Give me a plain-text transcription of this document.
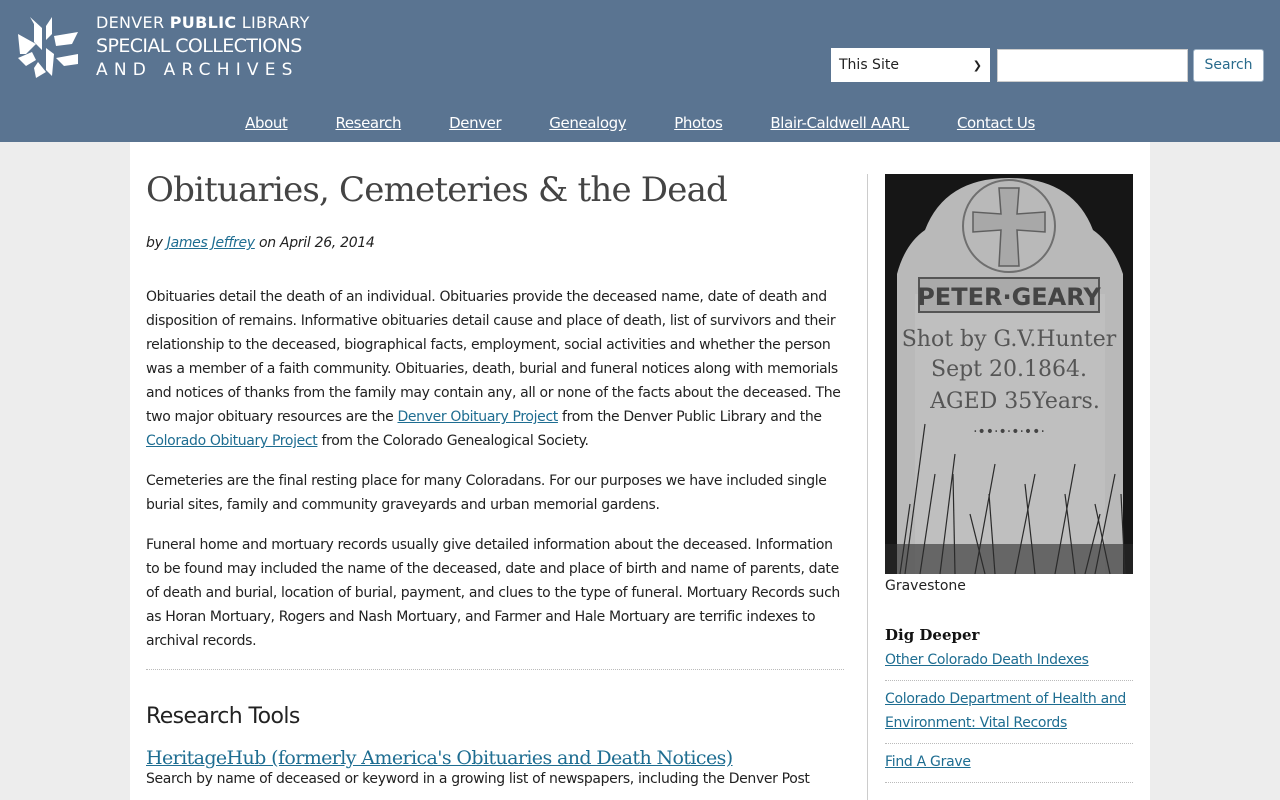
DENVER PUBLIC LIBRARY
SPECIAL COLLECTIONS
AND ARCHIVES	This Site	❯	Search
About	Research	Denver	Genealogy	Photos	Blair-Caldwell AARL	Contact Us
Obituaries, Cemeteries & the Dead
by James Jeffrey on April 26, 2014

Obituaries detail the death of an individual. Obituaries provide the deceased name, date of death and disposition of remains. Informative obituaries detail cause and place of death, list of survivors and their relationship to the deceased, biographical facts, employment, social activities and whether the person was a member of a faith community. Obituaries, death, burial and funeral notices along with memorials and notices of thanks from the family may contain any, all or none of the facts about the deceased. The two major obituary resources are the Denver Obituary Project from the Denver Public Library and the Colorado Obituary Project from the Colorado Genealogical Society.

Cemeteries are the final resting place for many Coloradans. For our purposes we have included single burial sites, family and community graveyards and urban memorial gardens.

Funeral home and mortuary records usually give detailed information about the deceased. Information to be found may included the name of the deceased, date and place of birth and name of parents, date of death and burial, location of burial, payment, and clues to the type of funeral. Mortuary Records such as Horan Mortuary, Rogers and Nash Mortuary, and Farmer and Hale Mortuary are terrific indexes to archival records.

Research Tools
HeritageHub (formerly America's Obituaries and Death Notices)
Search by name of deceased or keyword in a growing list of newspapers, including the Denver Post
PETER·GEARY
Shot by G.V.Hunter
Sept 20.1864.
AGED 35Years.
·••·•·•·••·
Gravestone
Dig Deeper
Other Colorado Death Indexes
Colorado Department of Health and Environment: Vital Records
Find A Grave
